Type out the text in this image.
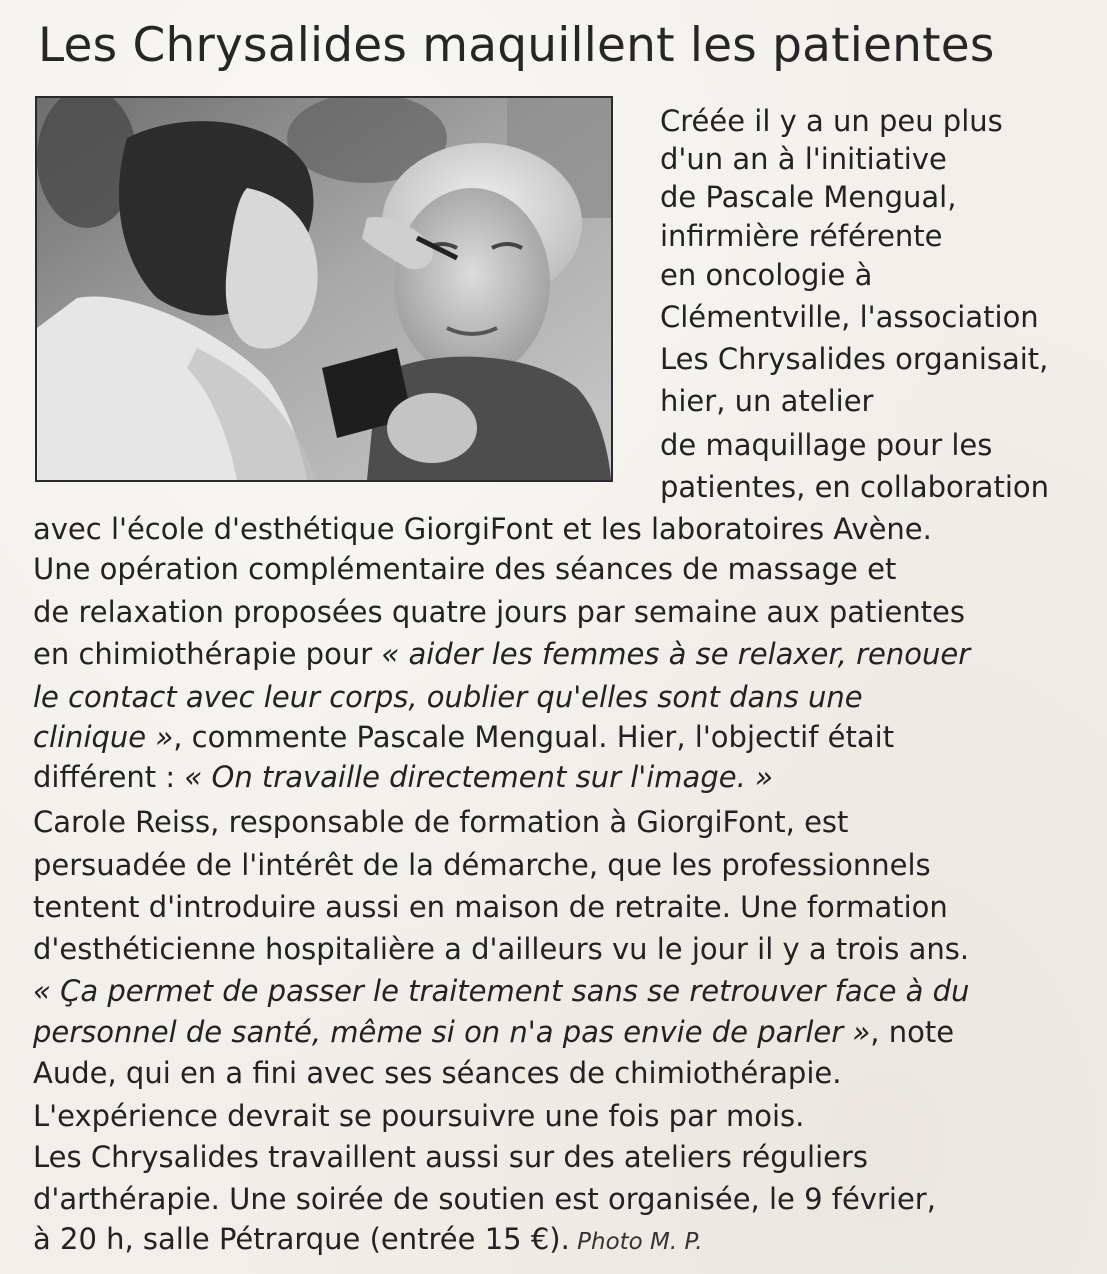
Les Chrysalides maquillent les patientes

Créée il y a un peu plus

d'un an à l'initiative

de Pascale Mengual,

infirmière référente

en oncologie à

Clémentville, l'association

Les Chrysalides organisait,

hier, un atelier

de maquillage pour les

patientes, en collaboration

avec l'école d'esthétique GiorgiFont et les laboratoires Avène.

Une opération complémentaire des séances de massage et

de relaxation proposées quatre jours par semaine aux patientes

en chimiothérapie pour « aider les femmes à se relaxer, renouer

le contact avec leur corps, oublier qu'elles sont dans une

clinique », commente Pascale Mengual. Hier, l'objectif était

différent : « On travaille directement sur l'image. »

Carole Reiss, responsable de formation à GiorgiFont, est

persuadée de l'intérêt de la démarche, que les professionnels

tentent d'introduire aussi en maison de retraite. Une formation

d'esthéticienne hospitalière a d'ailleurs vu le jour il y a trois ans.

« Ça permet de passer le traitement sans se retrouver face à du

personnel de santé, même si on n'a pas envie de parler », note

Aude, qui en a fini avec ses séances de chimiothérapie.

L'expérience devrait se poursuivre une fois par mois.

Les Chrysalides travaillent aussi sur des ateliers réguliers

d'arthérapie. Une soirée de soutien est organisée, le 9 février,

à 20 h, salle Pétrarque (entrée 15 €). Photo M. P.
